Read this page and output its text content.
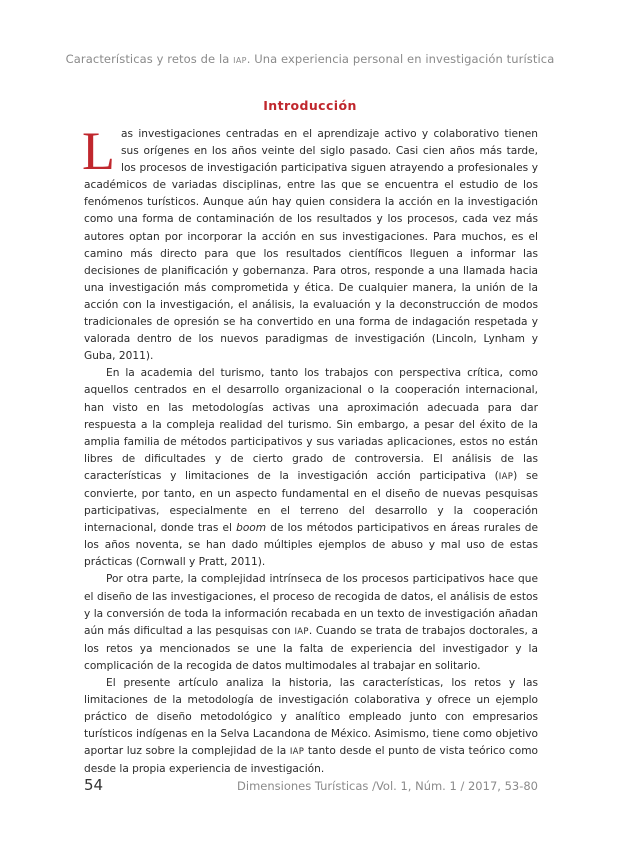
Características y retos de la IAP. Una experiencia personal en investigación turística
Introducción

Las investigaciones centradas en el aprendizaje activo y colaborativo tienen sus orígenes en los años veinte del siglo pasado. Casi cien años más tarde, los procesos de investigación participativa siguen atrayendo a profesionales y académicos de variadas disciplinas, entre las que se encuentra el estudio de los fenómenos turísticos. Aunque aún hay quien considera la acción en la investigación como una forma de contaminación de los resultados y los procesos, cada vez más autores optan por incorporar la acción en sus investigaciones. Para muchos, es el camino más directo para que los resultados científicos lleguen a informar las decisiones de planificación y gobernanza. Para otros, responde a una llamada hacia una investigación más comprometida y ética. De cualquier manera, la unión de la acción con la investigación, el análisis, la evaluación y la deconstrucción de modos tradicionales de opresión se ha convertido en una forma de indagación respetada y valorada dentro de los nuevos paradigmas de investigación (Lincoln, Lynham y Guba, 2011).

En la academia del turismo, tanto los trabajos con perspectiva crítica, como aquellos centrados en el desarrollo organizacional o la cooperación internacional, han visto en las metodologías activas una aproximación adecuada para dar respuesta a la compleja realidad del turismo. Sin embargo, a pesar del éxito de la amplia familia de métodos participativos y sus variadas aplicaciones, estos no están libres de dificultades y de cierto grado de controversia. El análisis de las características y limitaciones de la investigación acción participativa (IAP) se convierte, por tanto, en un aspecto fundamental en el diseño de nuevas pesquisas participativas, especialmente en el terreno del desarrollo y la cooperación internacional, donde tras el boom de los métodos participativos en áreas rurales de los años noventa, se han dado múltiples ejemplos de abuso y mal uso de estas prácticas (Cornwall y Pratt, 2011).

Por otra parte, la complejidad intrínseca de los procesos participativos hace que el diseño de las investigaciones, el proceso de recogida de datos, el análisis de estos y la conversión de toda la información recabada en un texto de investigación añadan aún más dificultad a las pesquisas con IAP. Cuando se trata de trabajos doctorales, a los retos ya mencionados se une la falta de experiencia del investigador y la complicación de la recogida de datos multimodales al trabajar en solitario.

El presente artículo analiza la historia, las características, los retos y las limitaciones de la metodología de investigación colaborativa y ofrece un ejemplo práctico de diseño metodológico y analítico empleado junto con empresarios turísticos indígenas en la Selva Lacandona de México. Asimismo, tiene como objetivo aportar luz sobre la complejidad de la IAP tanto desde el punto de vista teórico como desde la propia experiencia de investigación.

54	Dimensiones Turísticas /Vol. 1, Núm. 1 / 2017, 53-80
